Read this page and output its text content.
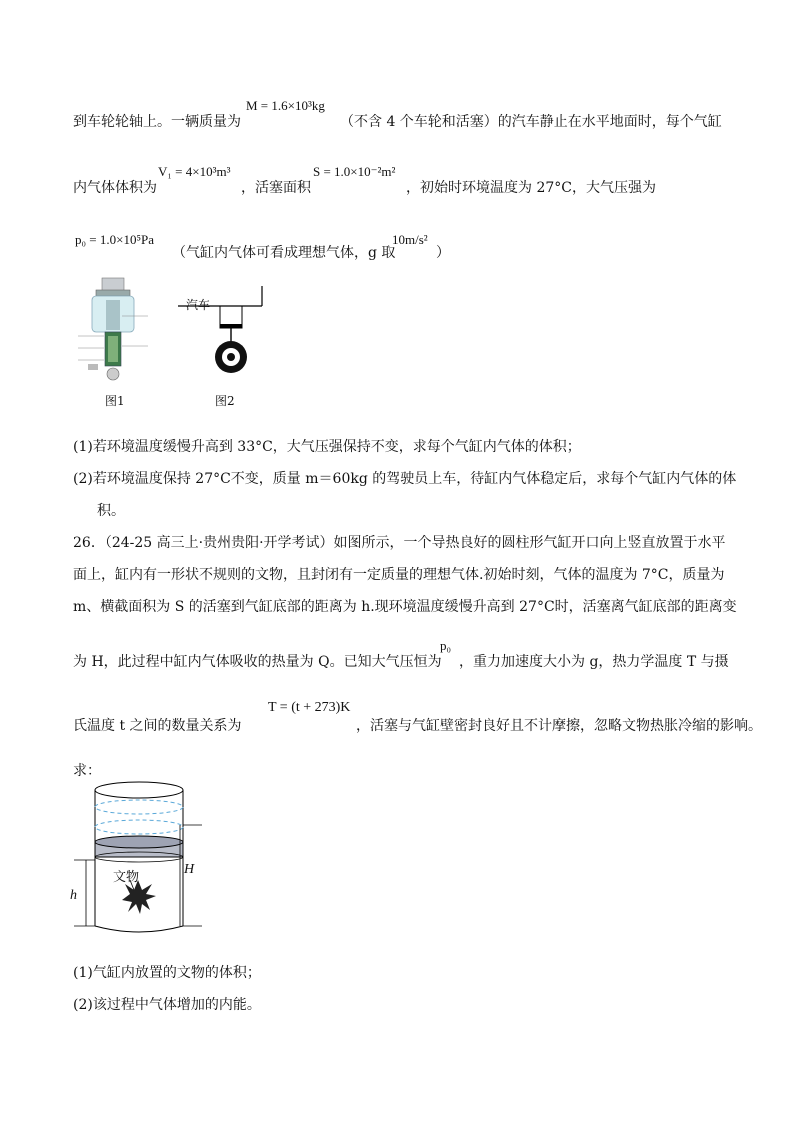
到车轮轮轴上。一辆质量为
M = 1.6×10³kg
（不含 4 个车轮和活塞）的汽车静止在水平地面时，每个气缸
内气体体积为
V₁ = 4×10³m³
，活塞面积
S = 1.0×10⁻²m²
，初始时环境温度为 27°C，大气压强为
p₀ = 1.0×10⁵Pa
（气缸内气体可看成理想气体，g 取
10m/s²
）
图1
汽车
图2
(1)若环境温度缓慢升高到 33°C，大气压强保持不变，求每个气缸内气体的体积；
(2)若环境温度保持 27°C不变，质量 m＝60kg 的驾驶员上车，待缸内气体稳定后，求每个气缸内气体的体
积。
26．（24-25 高三上·贵州贵阳·开学考试）如图所示，一个导热良好的圆柱形气缸开口向上竖直放置于水平
面上，缸内有一形状不规则的文物，且封闭有一定质量的理想气体.初始时刻，气体的温度为 7°C，质量为
m、横截面积为 S 的活塞到气缸底部的距离为 h.现环境温度缓慢升高到 27°C时，活塞离气缸底部的距离变
为 H，此过程中缸内气体吸收的热量为 Q。已知大气压恒为
p₀
，重力加速度大小为 g，热力学温度 T 与摄
氏温度 t 之间的数量关系为
T = (t + 273)K
，活塞与气缸壁密封良好且不计摩擦，忽略文物热胀冷缩的影响。
求：
文物
h
H
(1)气缸内放置的文物的体积；
(2)该过程中气体增加的内能。
